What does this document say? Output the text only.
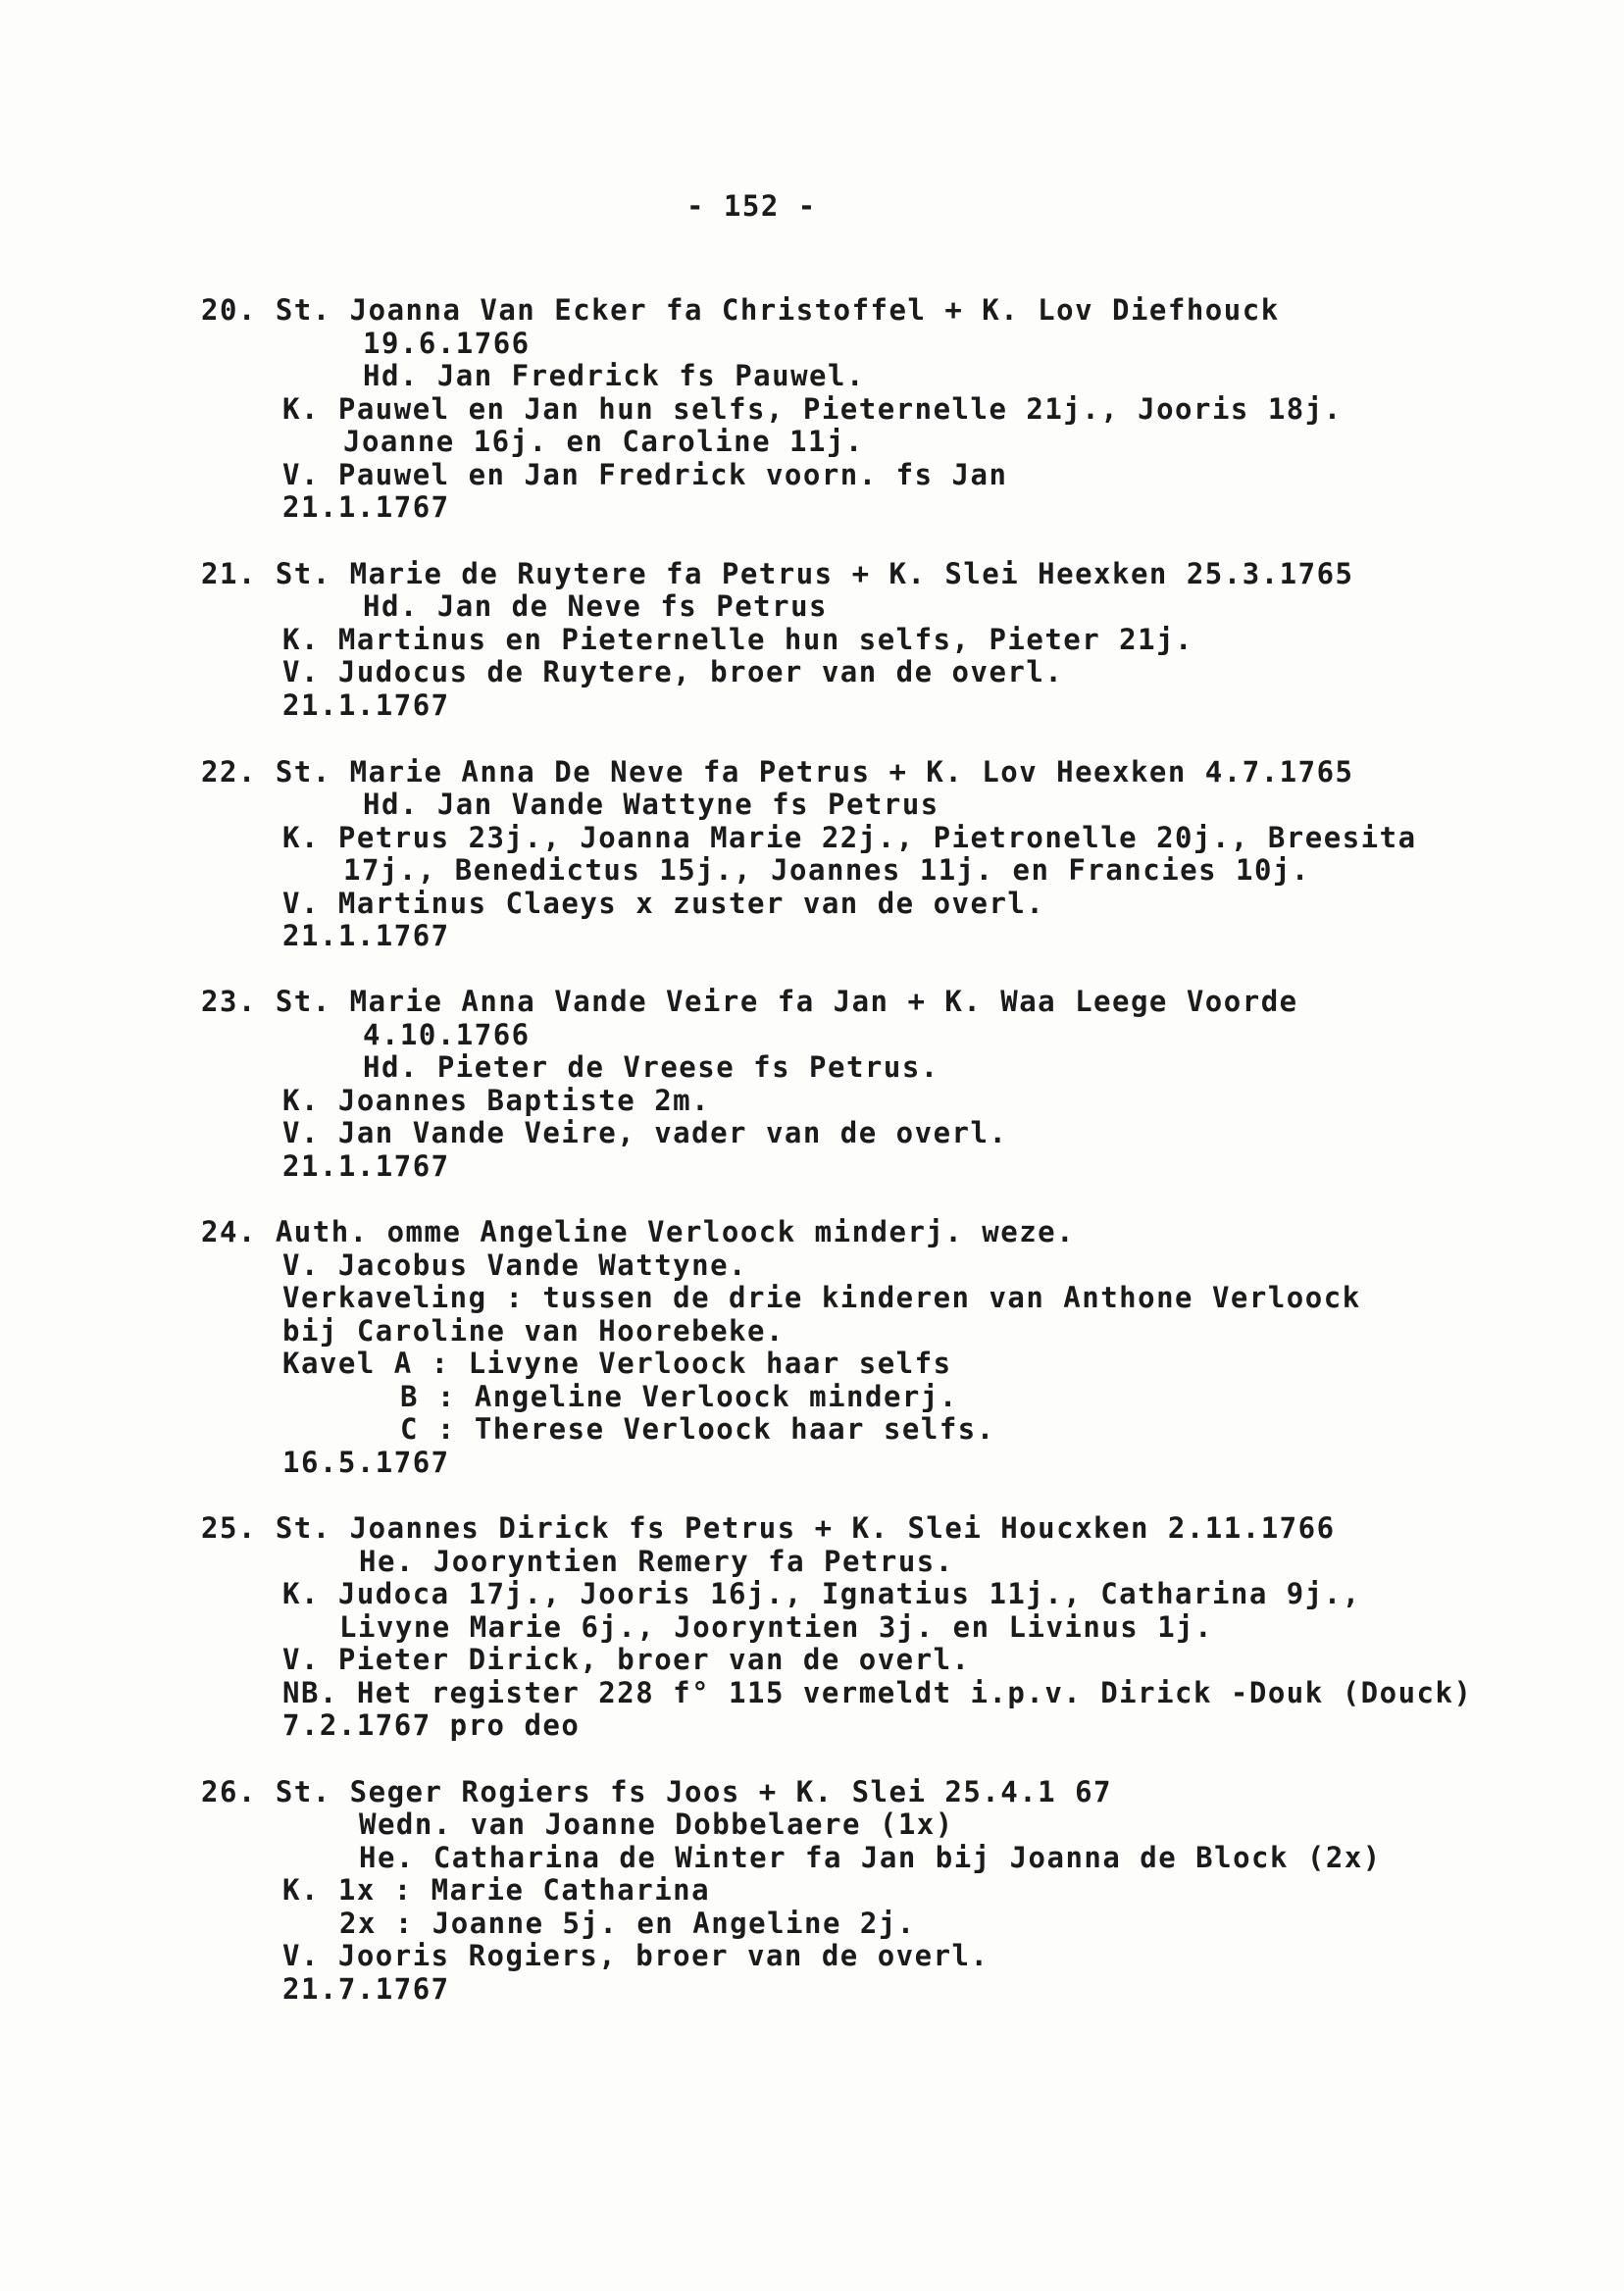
- 152 -
20. St. Joanna Van Ecker fa Christoffel + K. Lov Diefhouck
19.6.1766
Hd. Jan Fredrick fs Pauwel.
K. Pauwel en Jan hun selfs, Pieternelle 21j., Jooris 18j.
Joanne 16j. en Caroline 11j.
V. Pauwel en Jan Fredrick voorn. fs Jan
21.1.1767
21. St. Marie de Ruytere fa Petrus + K. Slei Heexken 25.3.1765
Hd. Jan de Neve fs Petrus
K. Martinus en Pieternelle hun selfs, Pieter 21j.
V. Judocus de Ruytere, broer van de overl.
21.1.1767
22. St. Marie Anna De Neve fa Petrus + K. Lov Heexken 4.7.1765
Hd. Jan Vande Wattyne fs Petrus
K. Petrus 23j., Joanna Marie 22j., Pietronelle 20j., Breesita
17j., Benedictus 15j., Joannes 11j. en Francies 10j.
V. Martinus Claeys x zuster van de overl.
21.1.1767
23. St. Marie Anna Vande Veire fa Jan + K. Waa Leege Voorde
4.10.1766
Hd. Pieter de Vreese fs Petrus.
K. Joannes Baptiste 2m.
V. Jan Vande Veire, vader van de overl.
21.1.1767
24. Auth. omme Angeline Verloock minderj. weze.
V. Jacobus Vande Wattyne.
Verkaveling : tussen de drie kinderen van Anthone Verloock
bij Caroline van Hoorebeke.
Kavel A : Livyne Verloock haar selfs
B : Angeline Verloock minderj.
C : Therese Verloock haar selfs.
16.5.1767
25. St. Joannes Dirick fs Petrus + K. Slei Houcxken 2.11.1766
He. Jooryntien Remery fa Petrus.
K. Judoca 17j., Jooris 16j., Ignatius 11j., Catharina 9j.,
Livyne Marie 6j., Jooryntien 3j. en Livinus 1j.
V. Pieter Dirick, broer van de overl.
NB. Het register 228 f° 115 vermeldt i.p.v. Dirick -Douk (Douck)
7.2.1767 pro deo
26. St. Seger Rogiers fs Joos + K. Slei 25.4.1 67
Wedn. van Joanne Dobbelaere (1x)
He. Catharina de Winter fa Jan bij Joanna de Block (2x)
K. 1x : Marie Catharina
2x : Joanne 5j. en Angeline 2j.
V. Jooris Rogiers, broer van de overl.
21.7.1767
